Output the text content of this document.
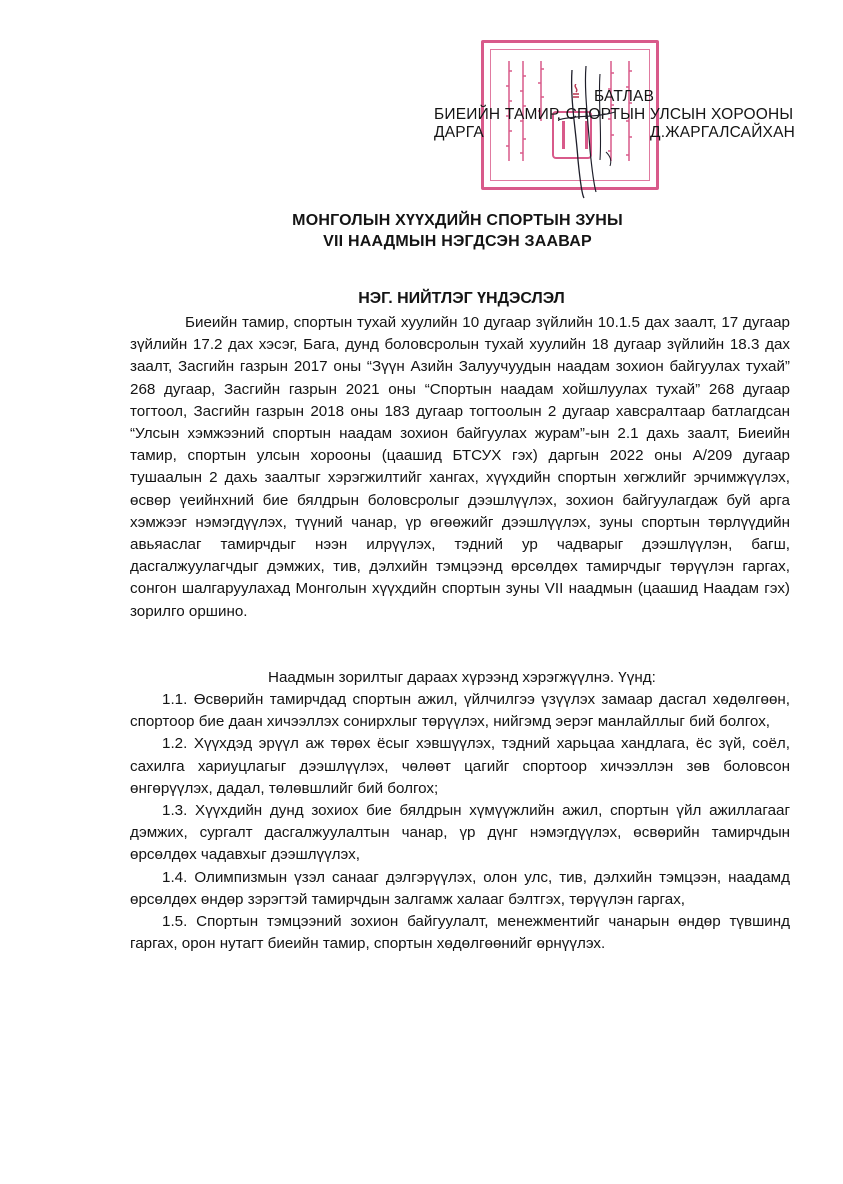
БАТЛАВ
БИЕИЙН ТАМИР, СПОРТЫН УЛСЫН ХОРООНЫ
ДАРГА	Д.ЖАРГАЛСАЙХАН
МОНГОЛЫН ХҮҮХДИЙН СПОРТЫН ЗУНЫ
VII НААДМЫН НЭГДСЭН ЗААВАР
НЭГ. НИЙТЛЭГ ҮНДЭСЛЭЛ
Биеийн тамир, спортын тухай хуулийн 10 дугаар зүйлийн 10.1.5 дах заалт, 17 дугаар зүйлийн 17.2 дах хэсэг, Бага, дунд боловсролын тухай хуулийн 18 дугаар зүйлийн 18.3 дах заалт, Засгийн газрын 2017 оны “Зүүн Азийн Залуучуудын наадам зохион байгуулах тухай” 268 дугаар, Засгийн газрын 2021 оны “Спортын наадам хойшлуулах тухай” 268 дугаар тогтоол, Засгийн газрын 2018 оны 183 дугаар тогтоолын 2 дугаар хавсралтаар батлагдсан “Улсын хэмжээний спортын наадам зохион байгуулах журам”-ын 2.1 дахь заалт, Биеийн тамир, спортын улсын хорооны (цаашид БТСУХ гэх) даргын 2022 оны А/209 дугаар тушаалын 2 дахь заалтыг хэрэгжилтийг хангах, хүүхдийн спортын хөгжлийг эрчимжүүлэх, өсвөр үеийнхний бие бялдрын боловсролыг дээшлүүлэх, зохион байгуулагдаж буй арга хэмжээг нэмэгдүүлэх, түүний чанар, үр өгөөжийг дээшлүүлэх, зуны спортын төрлүүдийн авьяаслаг тамирчдыг нээн илрүүлэх, тэдний ур чадварыг дээшлүүлэн, багш, дасгалжуулагчдыг дэмжих, тив, дэлхийн тэмцээнд өрсөлдөх тамирчдыг төрүүлэн гаргах, сонгон шалгаруулахад Монголын хүүхдийн спортын зуны VII наадмын (цаашид Наадам гэх) зорилго оршино.
Наадмын зорилтыг дараах хүрээнд хэрэгжүүлнэ. Үүнд:
1.1. Өсвөрийн тамирчдад спортын ажил, үйлчилгээ үзүүлэх замаар дасгал хөдөлгөөн, спортоор бие даан хичээллэх сонирхлыг төрүүлэх, нийгэмд эерэг манлайллыг бий болгох,
1.2. Хүүхдэд эрүүл аж төрөх ёсыг хэвшүүлэх, тэдний харьцаа хандлага, ёс зүй, соёл, сахилга хариуцлагыг дээшлүүлэх, чөлөөт цагийг спортоор хичээллэн зөв боловсон өнгөрүүлэх, дадал, төлөвшлийг бий болгох;
1.3. Хүүхдийн дунд зохиох бие бялдрын хүмүүжлийн ажил, спортын үйл ажиллагааг дэмжих, сургалт дасгалжуулалтын чанар, үр дүнг нэмэгдүүлэх, өсвөрийн тамирчдын өрсөлдөх чадавхыг дээшлүүлэх,
1.4. Олимпизмын үзэл санааг дэлгэрүүлэх, олон улс, тив, дэлхийн тэмцээн, наадамд өрсөлдөх өндөр зэрэгтэй тамирчдын залгамж халааг бэлтгэх, төрүүлэн гаргах,
1.5. Спортын тэмцээний зохион байгуулалт, менежментийг чанарын өндөр түвшинд гаргах, орон нутагт биеийн тамир, спортын хөдөлгөөнийг өрнүүлэх.
